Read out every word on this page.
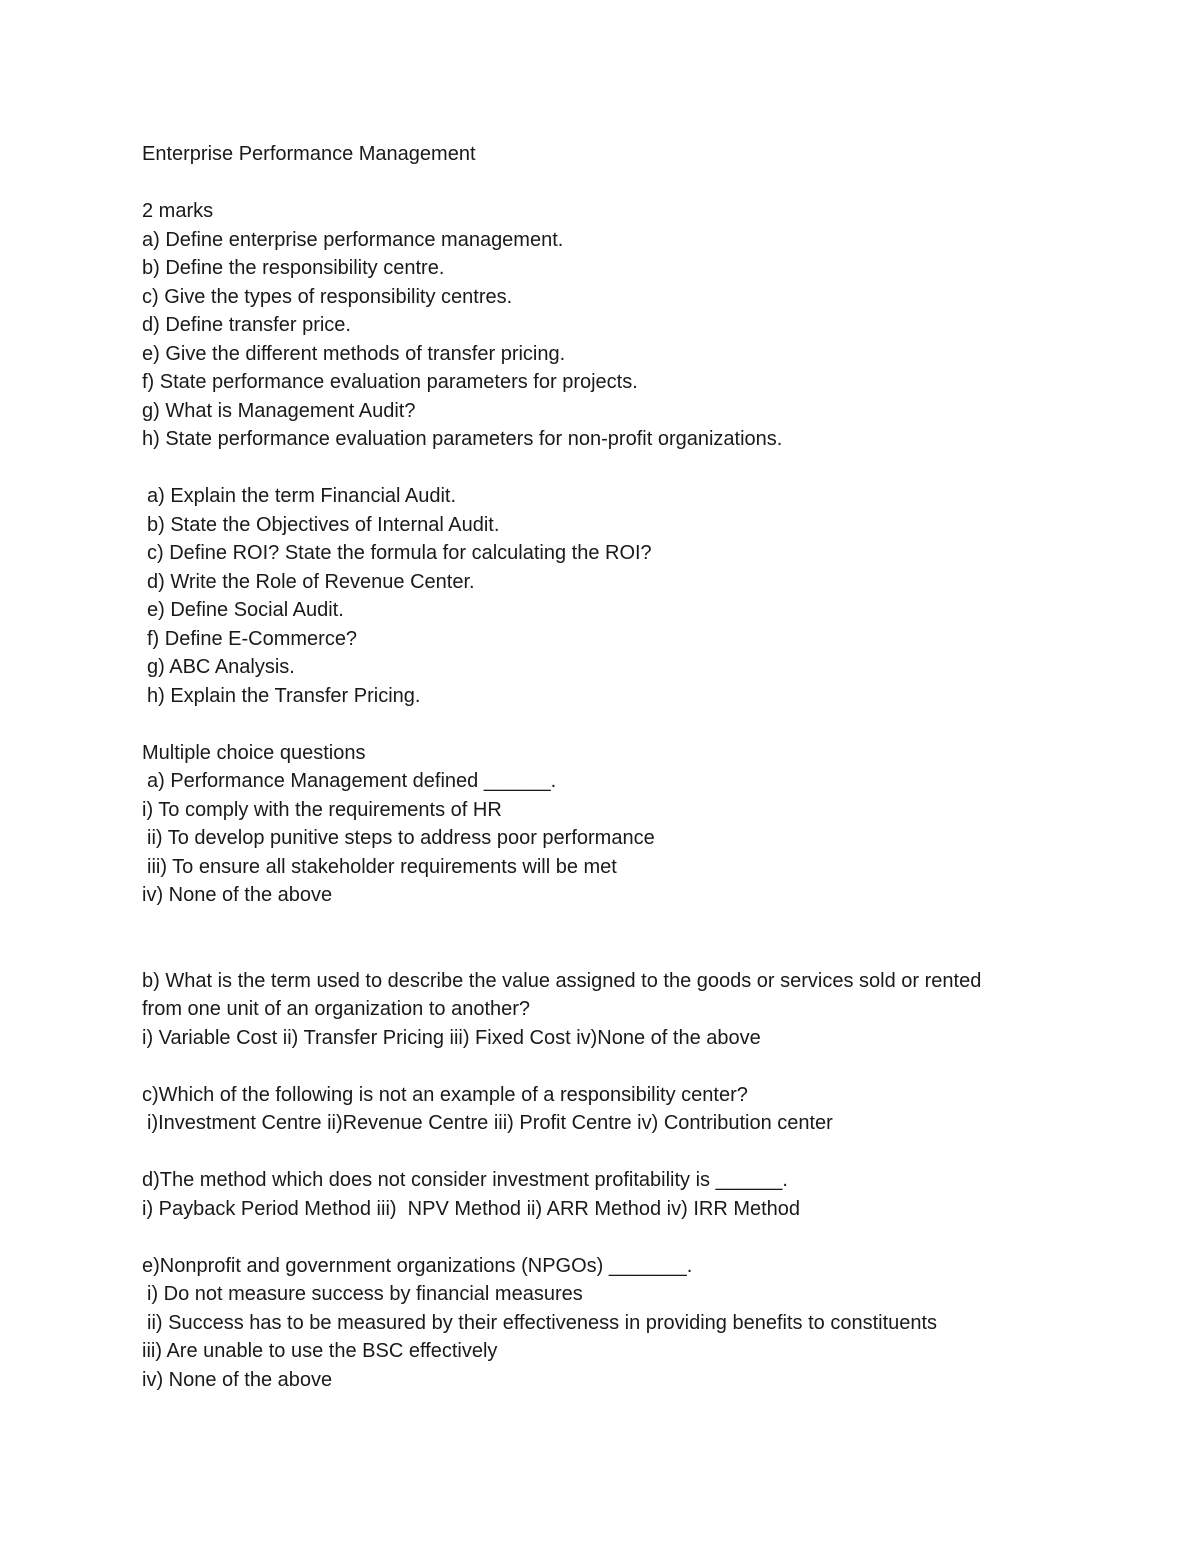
Enterprise Performance Management
2 marks
a) Define enterprise performance management.
b) Define the responsibility centre.
c) Give the types of responsibility centres.
d) Define transfer price.
e) Give the different methods of transfer pricing.
f) State performance evaluation parameters for projects.
g) What is Management Audit?
h) State performance evaluation parameters for non-profit organizations.
a) Explain the term Financial Audit.
b) State the Objectives of Internal Audit.
c) Define ROI? State the formula for calculating the ROI?
d) Write the Role of Revenue Center.
e) Define Social Audit.
f) Define E-Commerce?
g) ABC Analysis.
h) Explain the Transfer Pricing.
Multiple choice questions
a) Performance Management defined ______.
i) To comply with the requirements of HR
ii) To develop punitive steps to address poor performance
iii) To ensure all stakeholder requirements will be met
iv) None of the above
b) What is the term used to describe the value assigned to the goods or services sold or rented
from one unit of an organization to another?
i) Variable Cost ii) Transfer Pricing iii) Fixed Cost iv)None of the above
c)Which of the following is not an example of a responsibility center?
i)Investment Centre ii)Revenue Centre iii) Profit Centre iv) Contribution center
d)The method which does not consider investment profitability is ______.
i) Payback Period Method iii)  NPV Method ii) ARR Method iv) IRR Method
e)Nonprofit and government organizations (NPGOs) _______.
i) Do not measure success by financial measures
ii) Success has to be measured by their effectiveness in providing benefits to constituents
iii) Are unable to use the BSC effectively
iv) None of the above
